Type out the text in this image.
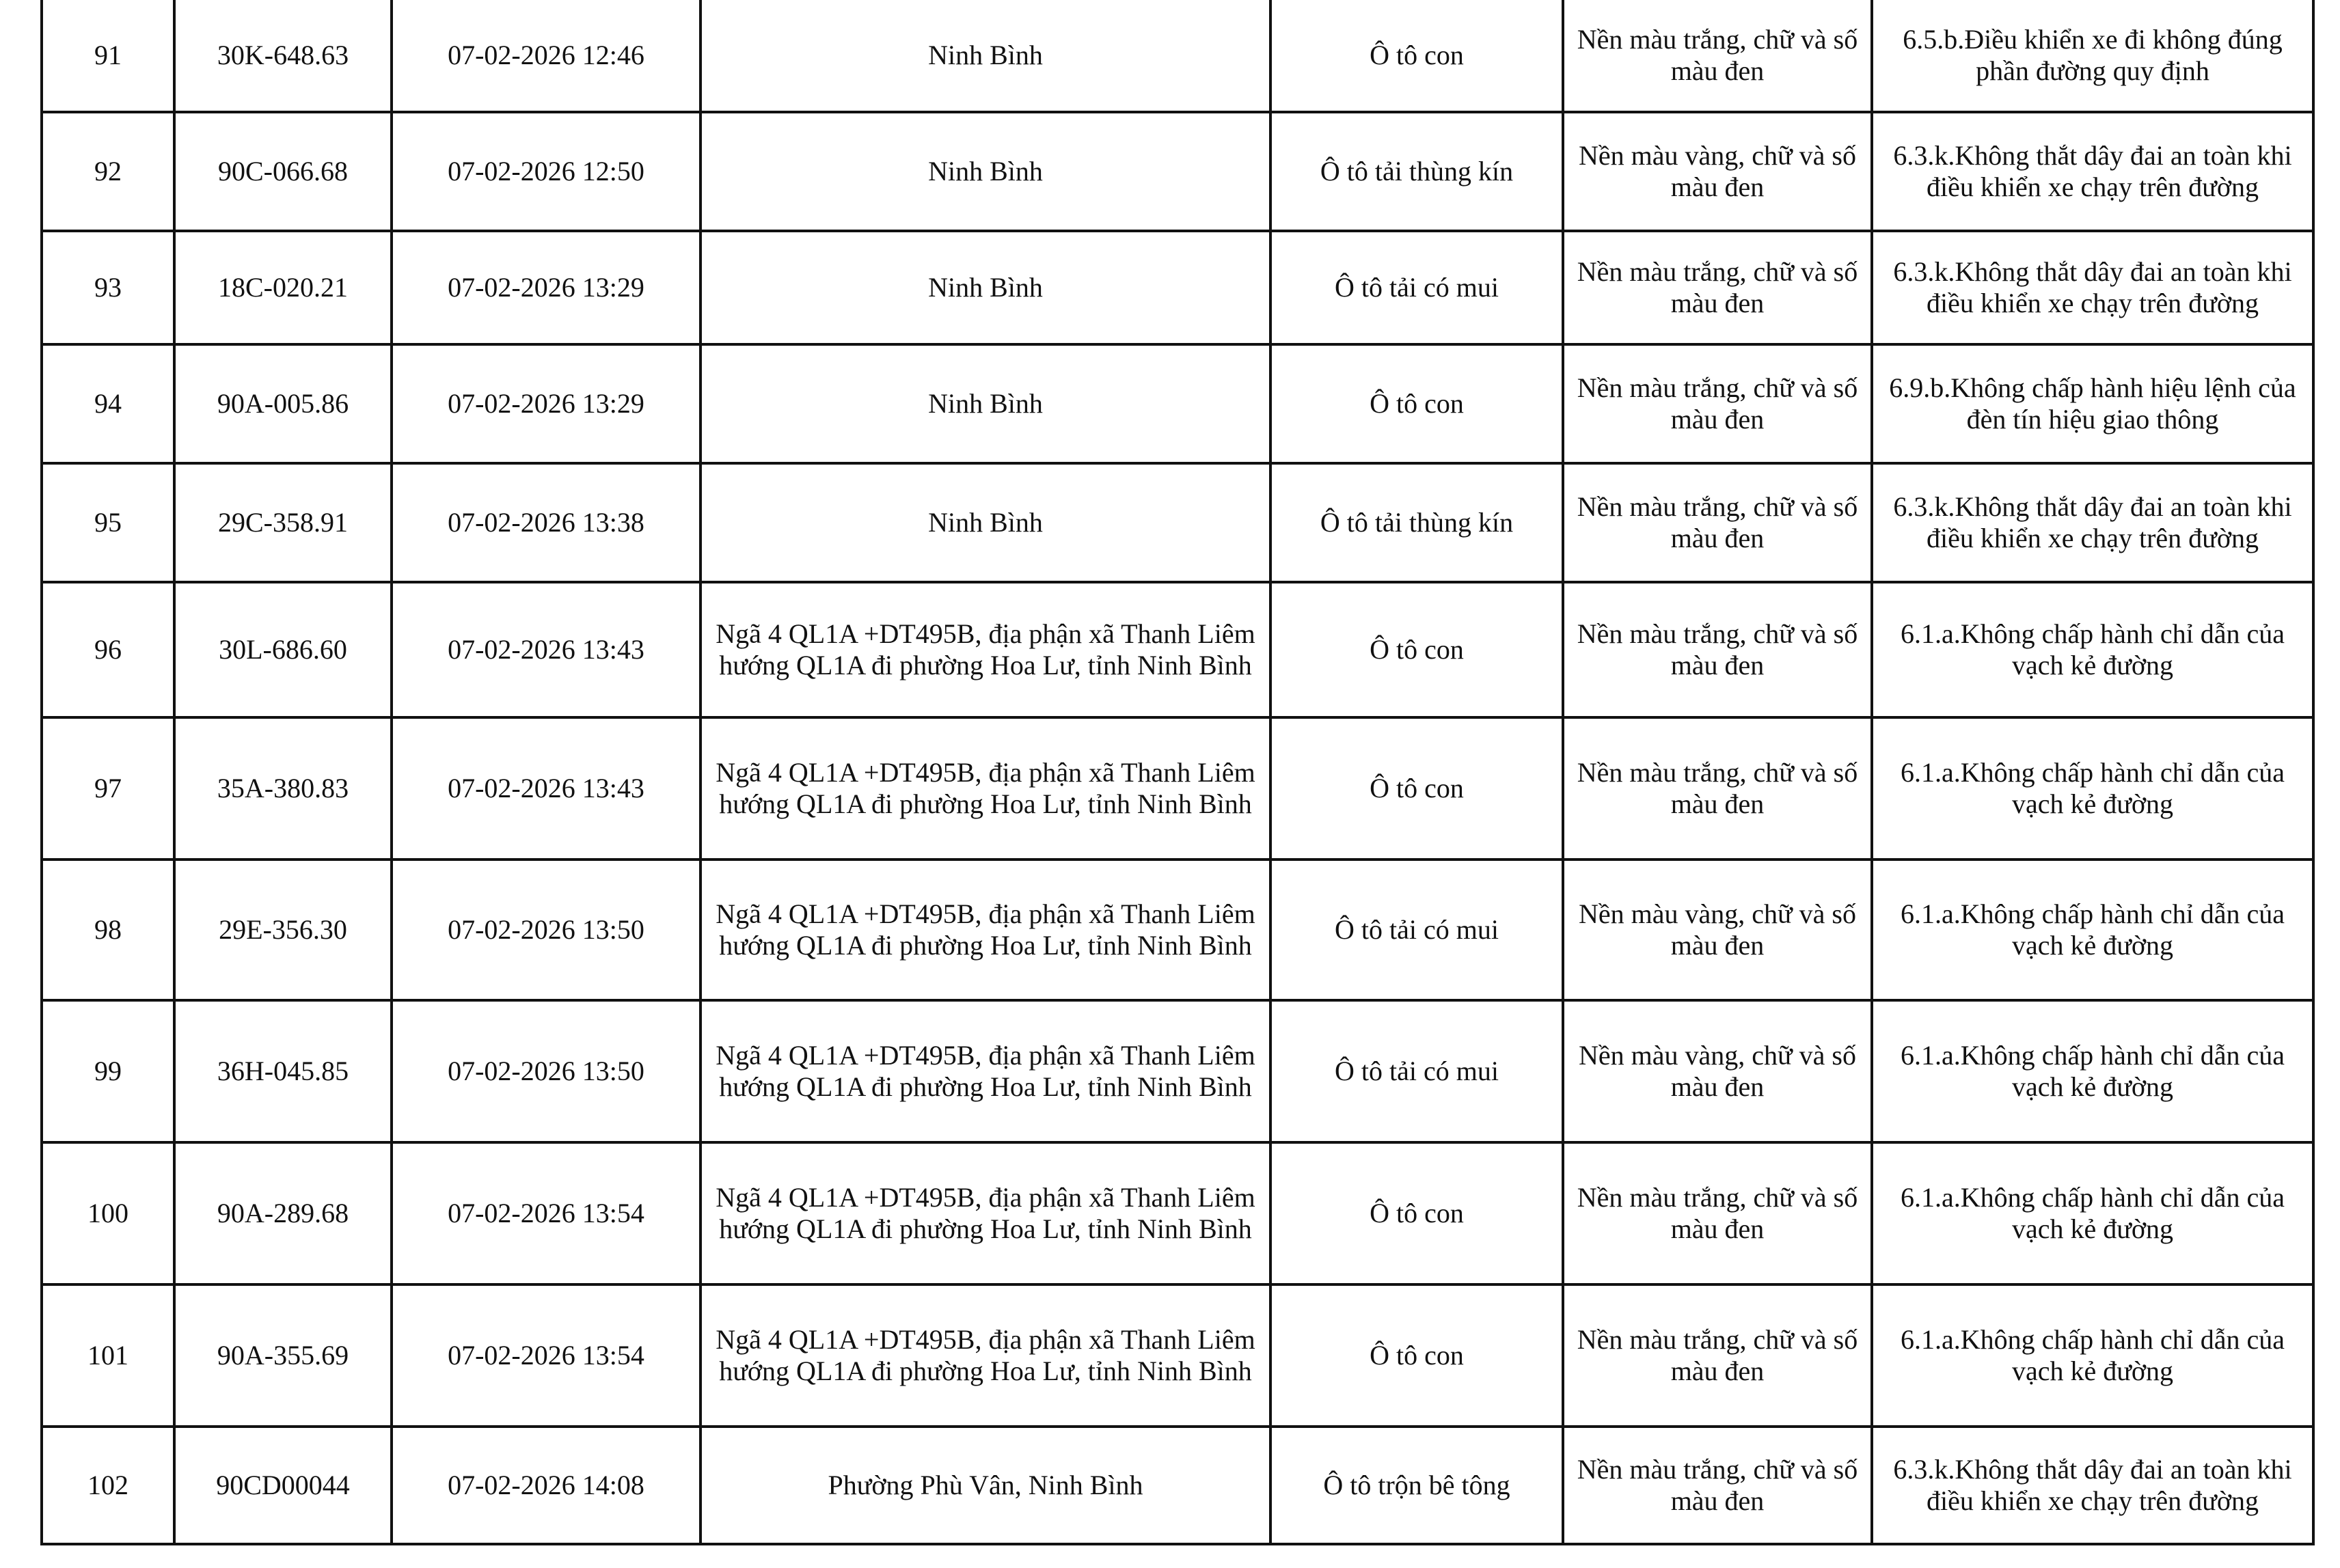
91	30K-648.63	07-02-2026 12:46	Ninh Bình	Ô tô con	Nền màu trắng, chữ và số màu đen	6.5.b.Điều khiển xe đi không đúng phần đường quy định
92	90C-066.68	07-02-2026 12:50	Ninh Bình	Ô tô tải thùng kín	Nền màu vàng, chữ và số màu đen	6.3.k.Không thắt dây đai an toàn khi điều khiển xe chạy trên đường
93	18C-020.21	07-02-2026 13:29	Ninh Bình	Ô tô tải có mui	Nền màu trắng, chữ và số màu đen	6.3.k.Không thắt dây đai an toàn khi điều khiển xe chạy trên đường
94	90A-005.86	07-02-2026 13:29	Ninh Bình	Ô tô con	Nền màu trắng, chữ và số màu đen	6.9.b.Không chấp hành hiệu lệnh của đèn tín hiệu giao thông
95	29C-358.91	07-02-2026 13:38	Ninh Bình	Ô tô tải thùng kín	Nền màu trắng, chữ và số màu đen	6.3.k.Không thắt dây đai an toàn khi điều khiển xe chạy trên đường
96	30L-686.60	07-02-2026 13:43	Ngã 4 QL1A +DT495B, địa phận xã Thanh Liêm hướng QL1A đi phường Hoa Lư, tỉnh Ninh Bình	Ô tô con	Nền màu trắng, chữ và số màu đen	6.1.a.Không chấp hành chỉ dẫn của vạch kẻ đường
97	35A-380.83	07-02-2026 13:43	Ngã 4 QL1A +DT495B, địa phận xã Thanh Liêm hướng QL1A đi phường Hoa Lư, tỉnh Ninh Bình	Ô tô con	Nền màu trắng, chữ và số màu đen	6.1.a.Không chấp hành chỉ dẫn của vạch kẻ đường
98	29E-356.30	07-02-2026 13:50	Ngã 4 QL1A +DT495B, địa phận xã Thanh Liêm hướng QL1A đi phường Hoa Lư, tỉnh Ninh Bình	Ô tô tải có mui	Nền màu vàng, chữ và số màu đen	6.1.a.Không chấp hành chỉ dẫn của vạch kẻ đường
99	36H-045.85	07-02-2026 13:50	Ngã 4 QL1A +DT495B, địa phận xã Thanh Liêm hướng QL1A đi phường Hoa Lư, tỉnh Ninh Bình	Ô tô tải có mui	Nền màu vàng, chữ và số màu đen	6.1.a.Không chấp hành chỉ dẫn của vạch kẻ đường
100	90A-289.68	07-02-2026 13:54	Ngã 4 QL1A +DT495B, địa phận xã Thanh Liêm hướng QL1A đi phường Hoa Lư, tỉnh Ninh Bình	Ô tô con	Nền màu trắng, chữ và số màu đen	6.1.a.Không chấp hành chỉ dẫn của vạch kẻ đường
101	90A-355.69	07-02-2026 13:54	Ngã 4 QL1A +DT495B, địa phận xã Thanh Liêm hướng QL1A đi phường Hoa Lư, tỉnh Ninh Bình	Ô tô con	Nền màu trắng, chữ và số màu đen	6.1.a.Không chấp hành chỉ dẫn của vạch kẻ đường
102	90CD00044	07-02-2026 14:08	Phường Phù Vân, Ninh Bình	Ô tô trộn bê tông	Nền màu trắng, chữ và số màu đen	6.3.k.Không thắt dây đai an toàn khi điều khiển xe chạy trên đường
